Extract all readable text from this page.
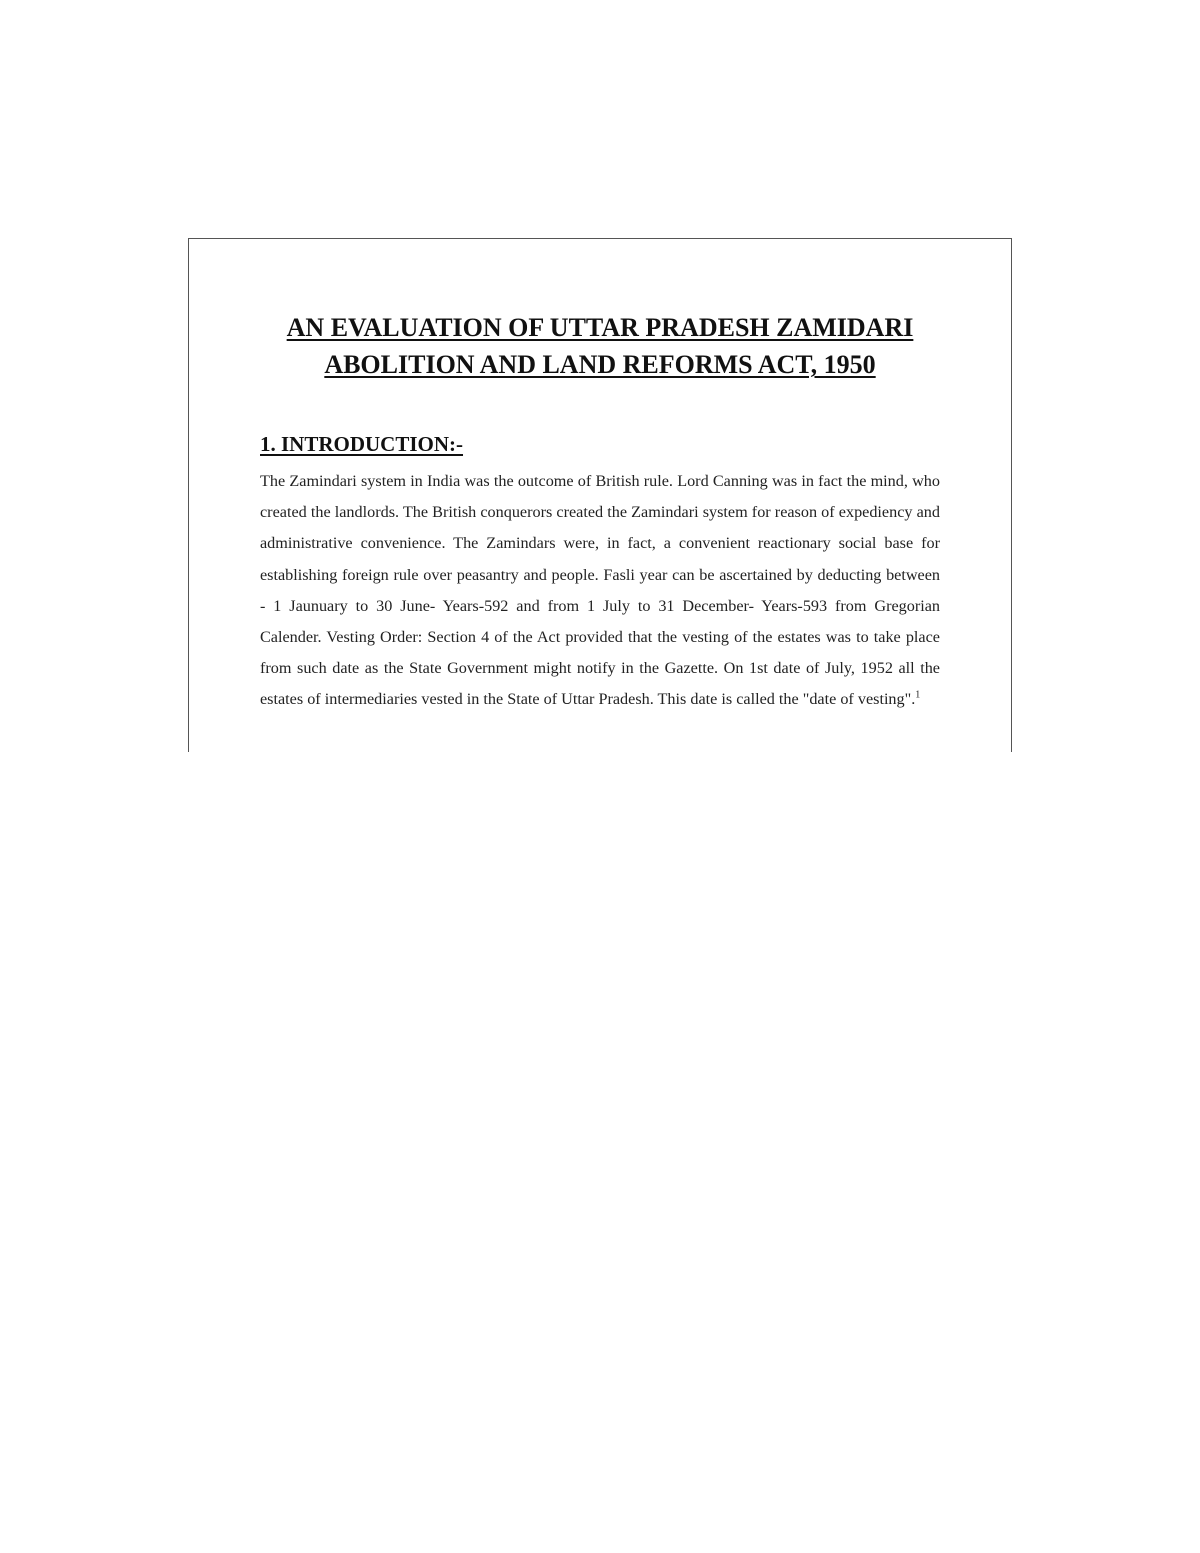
AN EVALUATION OF UTTAR PRADESH ZAMIDARI ABOLITION AND LAND REFORMS ACT, 1950
1. INTRODUCTION:-

The Zamindari system in India was the outcome of British rule. Lord Canning was in fact the mind, who created the landlords. The British conquerors created the Zamindari system for reason of expediency and administrative convenience. The Zamindars were, in fact, a convenient reactionary social base for establishing foreign rule over peasantry and people. Fasli year can be ascertained by deducting between - 1 Jaunuary to 30 June- Years-592 and from 1 July to 31 December- Years-593 from Gregorian Calender. Vesting Order: Section 4 of the Act provided that the vesting of the estates was to take place from such date as the State Government might notify in the Gazette. On 1st date of July, 1952 all the estates of intermediaries vested in the State of Uttar Pradesh. This date is called the "date of vesting".$^1$
